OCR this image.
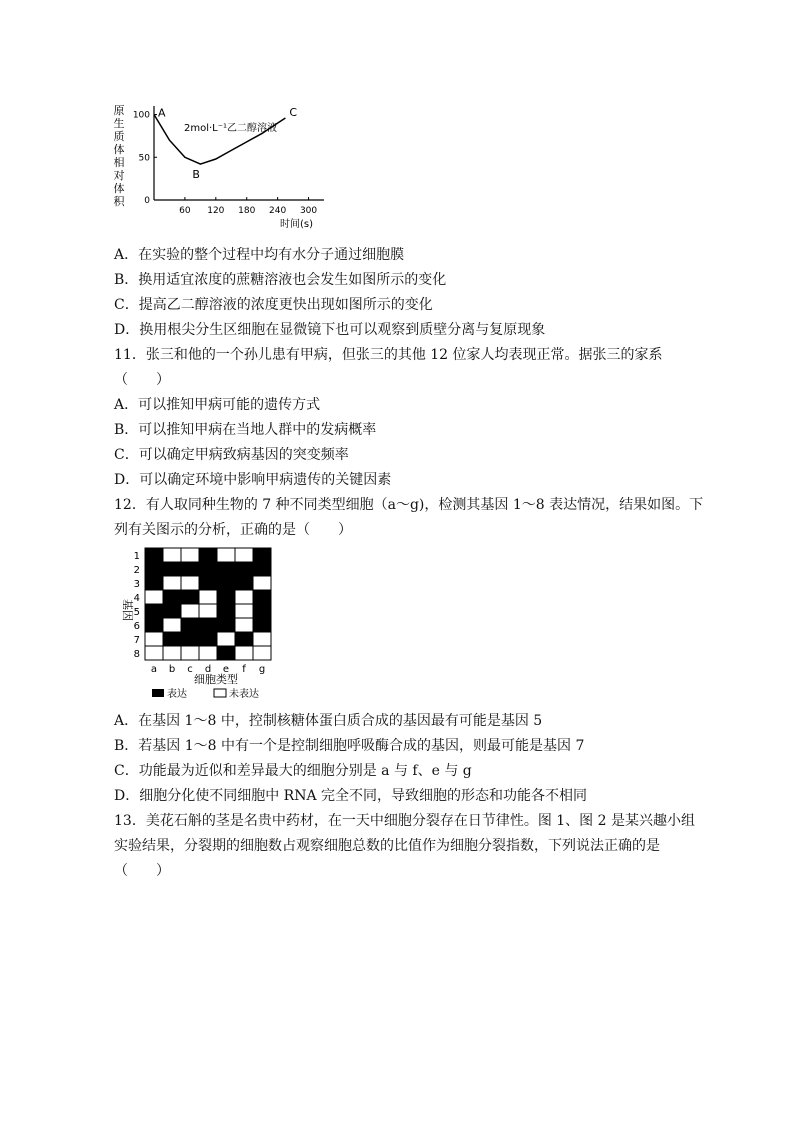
原
生
质
体
相
对
体
积
100
50
0
60 120 180 240 300
时间(s)
2mol·L⁻¹乙二醇溶液
A
B
C
A．在实验的整个过程中均有水分子通过细胞膜
B．换用适宜浓度的蔗糖溶液也会发生如图所示的变化
C．提高乙二醇溶液的浓度更快出现如图所示的变化
D．换用根尖分生区细胞在显微镜下也可以观察到质壁分离与复原现象
11．张三和他的一个孙儿患有甲病，但张三的其他 12 位家人均表现正常。据张三的家系
（　　）
A．可以推知甲病可能的遗传方式
B．可以推知甲病在当地人群中的发病概率
C．可以确定甲病致病基因的突变频率
D．可以确定环境中影响甲病遗传的关键因素
12．有人取同种生物的 7 种不同类型细胞（a～g)，检测其基因 1～8 表达情况，结果如图。下
列有关图示的分析，正确的是（　　）
基因
1
2
3
4
5
6
7
8
a b c d e f g
细胞类型
表达	未表达
A．在基因 1～8 中，控制核糖体蛋白质合成的基因最有可能是基因 5
B．若基因 1～8 中有一个是控制细胞呼吸酶合成的基因，则最可能是基因 7
C．功能最为近似和差异最大的细胞分别是 a 与 f、e 与 g
D．细胞分化使不同细胞中 RNA 完全不同，导致细胞的形态和功能各不相同
13．美花石斛的茎是名贵中药材，在一天中细胞分裂存在日节律性。图 1、图 2 是某兴趣小组
实验结果，分裂期的细胞数占观察细胞总数的比值作为细胞分裂指数，下列说法正确的是
（　　）
